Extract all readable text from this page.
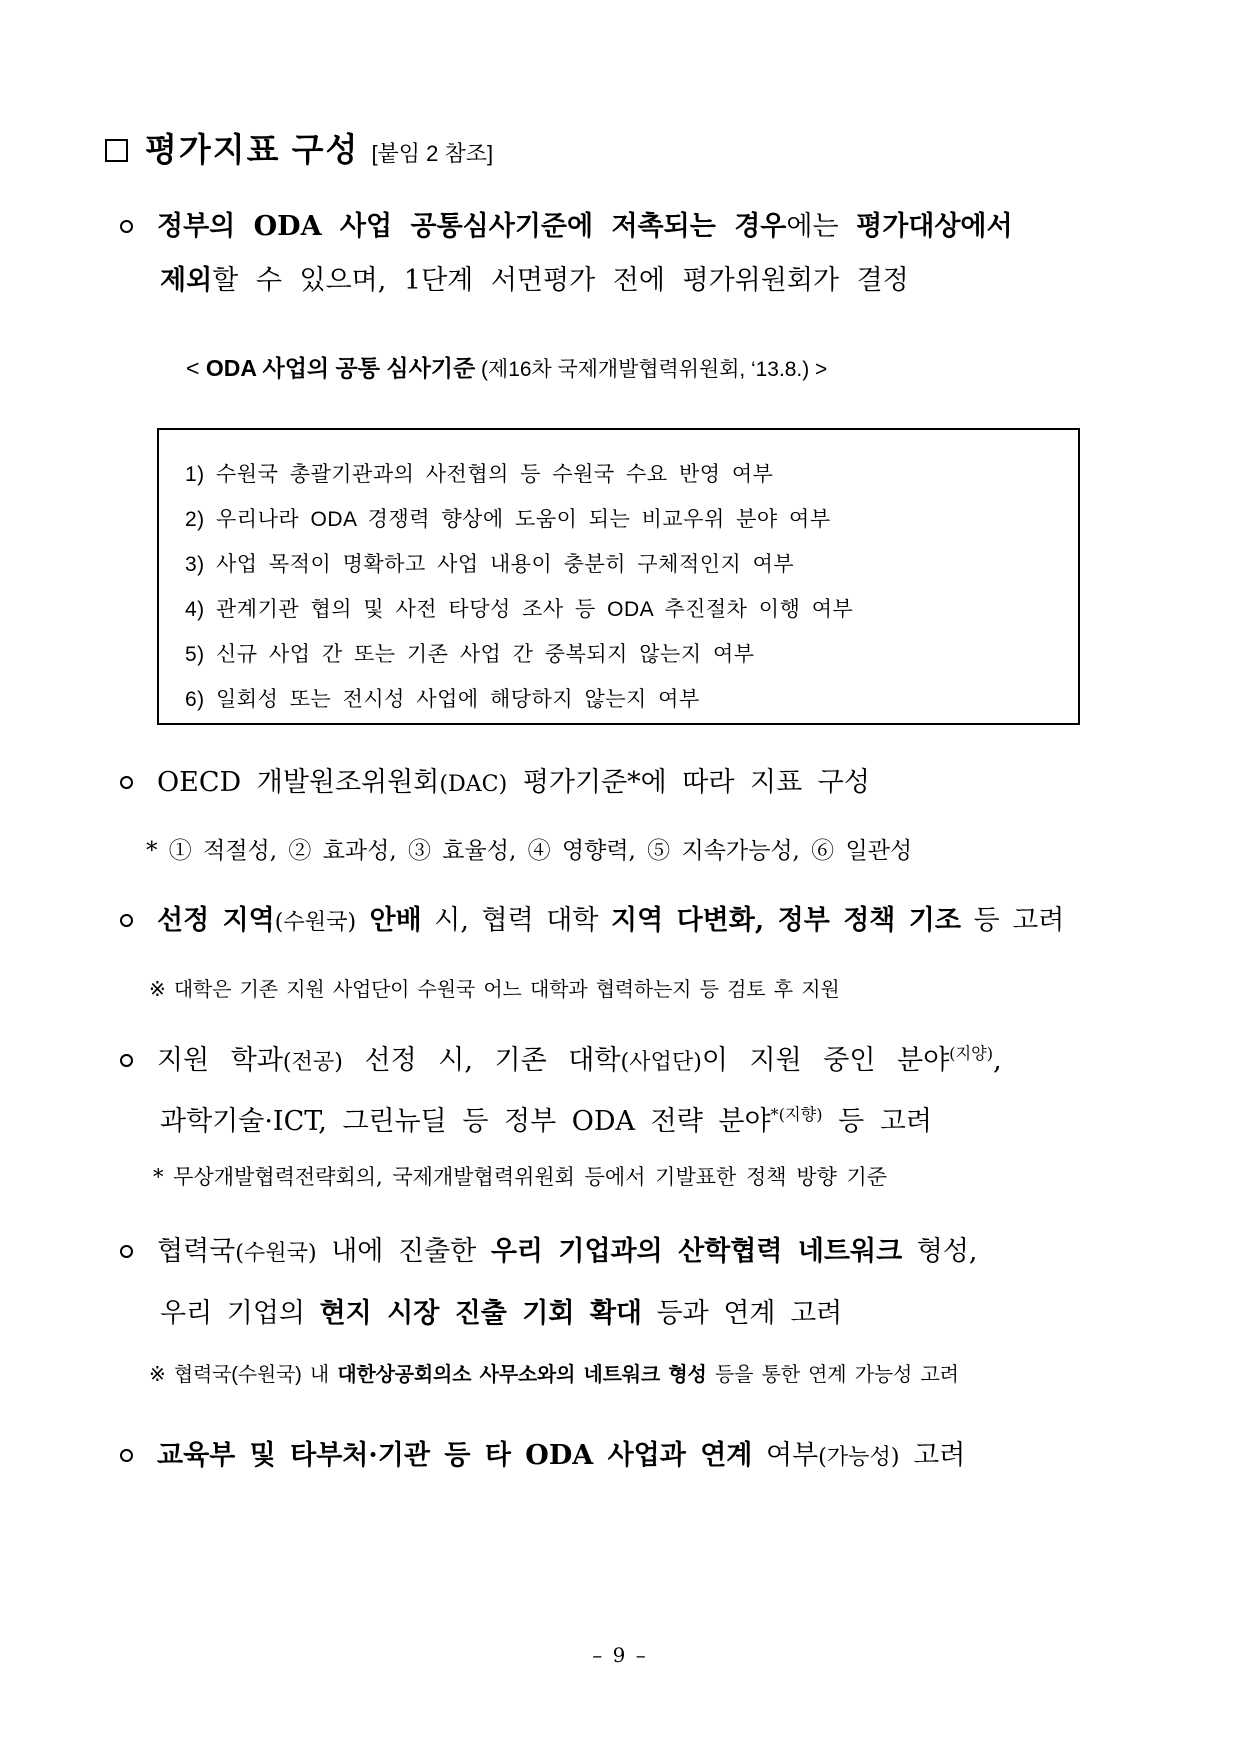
평가지표 구성 [붙임 2 참조]
정부의 ODA 사업 공통심사기준에 저촉되는 경우에는 평가대상에서
제외할 수 있으며, 1단계 서면평가 전에 평가위원회가 결정
< ODA 사업의 공통 심사기준 (제16차 국제개발협력위원회, ‘13.8.) >
1) 수원국 총괄기관과의 사전협의 등 수원국 수요 반영 여부
2) 우리나라 ODA 경쟁력 향상에 도움이 되는 비교우위 분야 여부
3) 사업 목적이 명확하고 사업 내용이 충분히 구체적인지 여부
4) 관계기관 협의 및 사전 타당성 조사 등 ODA 추진절차 이행 여부
5) 신규 사업 간 또는 기존 사업 간 중복되지 않는지 여부
6) 일회성 또는 전시성 사업에 해당하지 않는지 여부
OECD 개발원조위원회(DAC) 평가기준*에 따라 지표 구성
* ① 적절성, ② 효과성, ③ 효율성, ④ 영향력, ⑤ 지속가능성, ⑥ 일관성
선정 지역(수원국) 안배 시, 협력 대학 지역 다변화, 정부 정책 기조 등 고려
※ 대학은 기존 지원 사업단이 수원국 어느 대학과 협력하는지 등 검토 후 지원
지원 학과(전공) 선정 시, 기존 대학(사업단)이 지원 중인 분야$^{(지양)}$,
과학기술·ICT, 그린뉴딜 등 정부 ODA 전략 분야$^{*(지향)}$ 등 고려
* 무상개발협력전략회의, 국제개발협력위원회 등에서 기발표한 정책 방향 기준
협력국(수원국) 내에 진출한 우리 기업과의 산학협력 네트워크 형성,
우리 기업의 현지 시장 진출 기회 확대 등과 연계 고려
※ 협력국(수원국) 내 대한상공회의소 사무소와의 네트워크 형성 등을 통한 연계 가능성 고려
교육부 및 타부처·기관 등 타 ODA 사업과 연계 여부(가능성) 고려
– 9 –
